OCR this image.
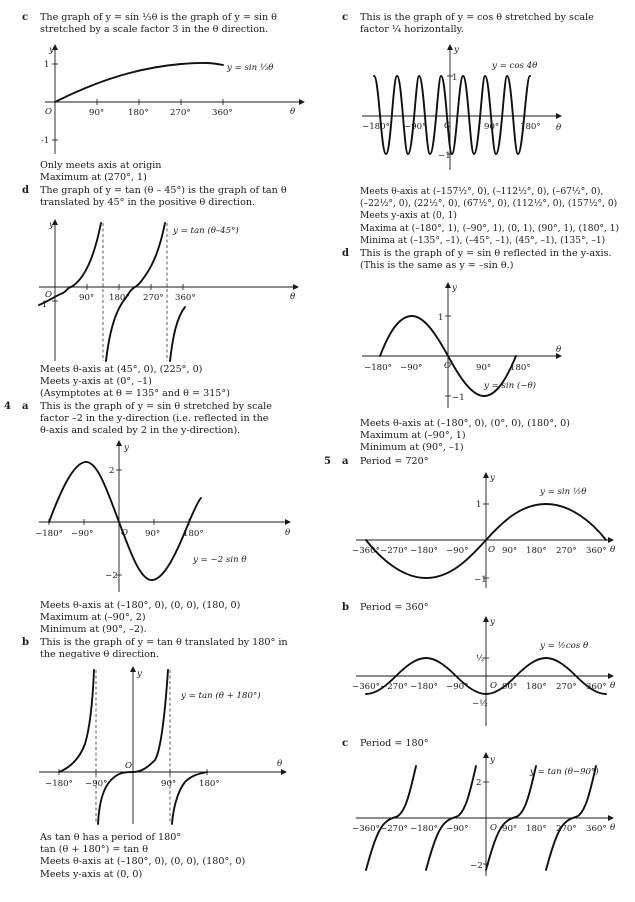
c The graph of y = sin ⅓θ is the graph of y = sin θ
stretched by a scale factor 3 in the θ direction.
y
θ
O
1
-1
90°	180° 270° 360°
y = sin ⅓θ
Only meets axis at origin
Maximum at (270°, 1)
d The graph of y = tan (θ – 45°) is the graph of tan θ
translated by 45° in the positive θ direction.
y
θ
O
-1
90° 180° 270° 360°
y = tan (θ–45°)
Meets θ-axis at (45°, 0), (225°, 0)
Meets y-axis at (0°, –1)
(Asymptotes at θ = 135° and θ = 315°)
4 a This is the graph of y = sin θ stretched by scale
factor –2 in the y-direction (i.e. reflected in the
θ-axis and scaled by 2 in the y-direction).
y
θ
O
2
−2
−180° −90°	90°	180°
y = −2 sin θ
Meets θ-axis at (–180°, 0), (0, 0), (180, 0)
Maximum at (–90°, 2)
Minimum at (90°, –2).
b This is the graph of y = tan θ translated by 180° in
the negative θ direction.
y
θ
O
−180° −90°	90°	180°
y = tan (θ + 180°)
As tan θ has a period of 180°
tan (θ + 180°) = tan θ
Meets θ-axis at (–180°, 0), (0, 0), (180°, 0)
Meets y-axis at (0, 0)
c This is the graph of y = cos θ stretched by scale
factor ¼ horizontally.
y
θ
O
1
−1
−180° −90°	90° 180°
y = cos 4θ
Meets θ-axis at (–157½°, 0), (–112½°, 0), (–67½°, 0),
(–22½°, 0), (22½°, 0), (67½°, 0), (112½°, 0), (157½°, 0)
Meets y-axis at (0, 1)
Maxima at (–180°, 1), (–90°, 1), (0, 1), (90°, 1), (180°, 1)
Minima at (–135°, –1), (–45°, –1), (45°, –1), (135°, –1)
d This is the graph of y = sin θ reflected in the y-axis.
(This is the same as y = –sin θ.)
y
θ
O
1
−1
−180° −90°	90° 180°
y = sin (−θ)
Meets θ-axis at (–180°, 0), (0°, 0), (180°, 0)
Maximum at (–90°, 1)
Minimum at (90°, –1)
5 a Period = 720°
y
θ
O
1
−1
−360° −270° −180° −90°	90° 180° 270° 360°
y = sin ½θ
b Period = 360°
y
θ
O
½
−½
−360° −270° −180° −90°	90° 180° 270° 360°
y = ½cos θ
c Period = 180°
y
θ
O
2
−2
−360° −270° −180° −90°	90° 180° 270° 360°
y = tan (θ−90°)
